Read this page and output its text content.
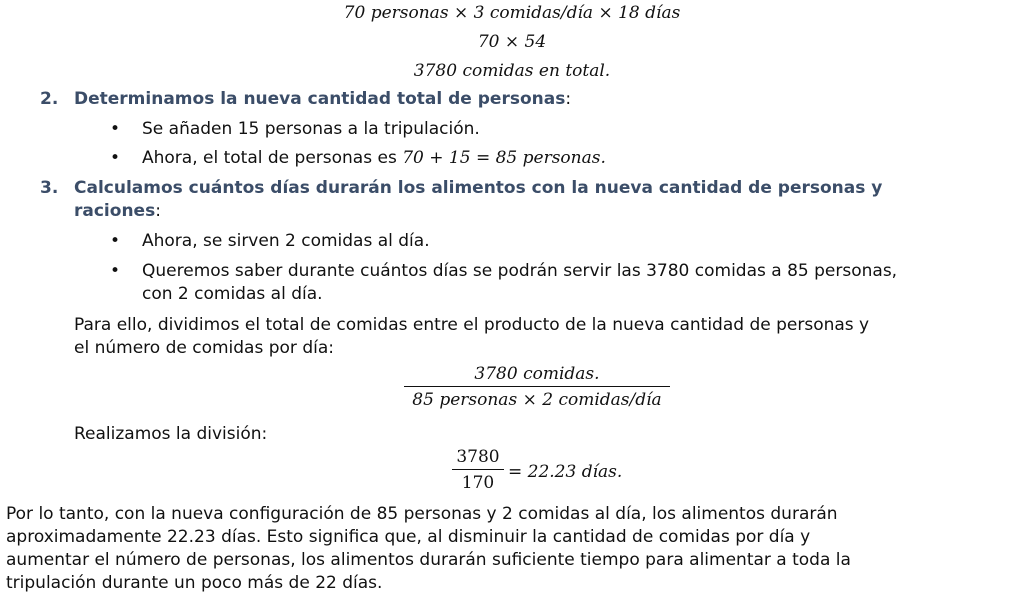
70 personas × 3 comidas/día × 18 días
70 × 54
3780 comidas en total.
2. Determinamos la nueva cantidad total de personas:
• Se añaden 15 personas a la tripulación.
• Ahora, el total de personas es 70 + 15 = 85 personas.
3. Calculamos cuántos días durarán los alimentos con la nueva cantidad de personas y
raciones:
• Ahora, se sirven 2 comidas al día.
• Queremos saber durante cuántos días se podrán servir las 3780 comidas a 85 personas,
con 2 comidas al día.
Para ello, dividimos el total de comidas entre el producto de la nueva cantidad de personas y
el número de comidas por día:
3780 comidas.
85 personas × 2 comidas/día
Realizamos la división:
3780
170
= 22.23 días.
Por lo tanto, con la nueva configuración de 85 personas y 2 comidas al día, los alimentos durarán
aproximadamente 22.23 días. Esto significa que, al disminuir la cantidad de comidas por día y
aumentar el número de personas, los alimentos durarán suficiente tiempo para alimentar a toda la
tripulación durante un poco más de 22 días.
